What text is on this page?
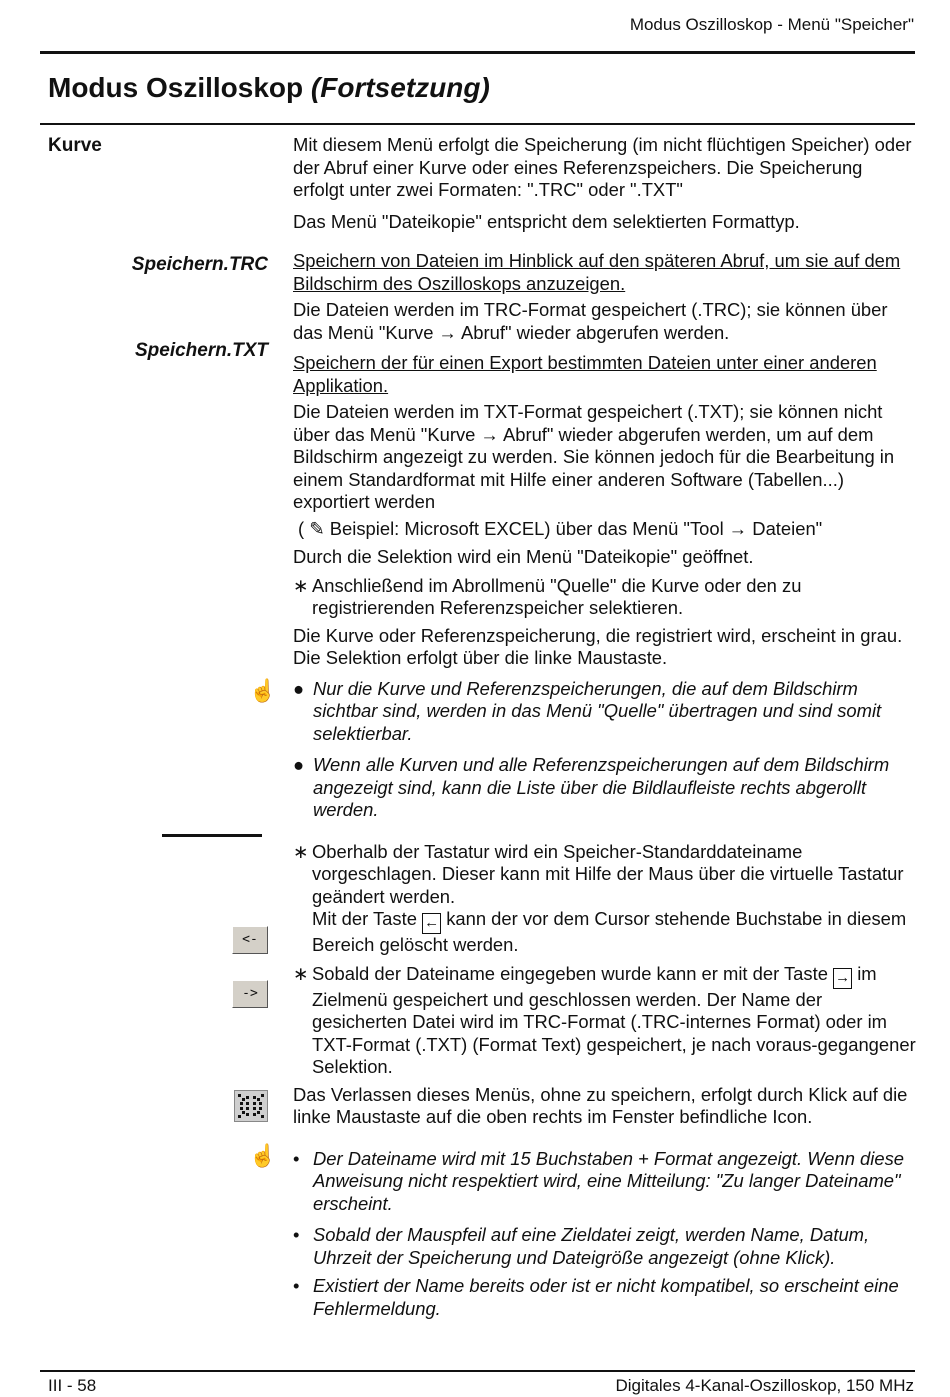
Modus Oszilloskop - Menü "Speicher"
Modus Oszilloskop (Fortsetzung)
Kurve
Speichern.TRC
Speichern.TXT
☝
<-
->
☝

Mit diesem Menü erfolgt die Speicherung (im nicht flüchtigen Speicher) oder der Abruf einer Kurve oder eines Referenzspeichers. Die Speicherung erfolgt unter zwei Formaten: ".TRC" oder ".TXT"

Das Menü "Dateikopie" entspricht dem selektierten Formattyp.

Speichern von Dateien im Hinblick auf den späteren Abruf, um sie auf dem Bildschirm des Oszilloskops anzuzeigen.

Die Dateien werden im TRC-Format gespeichert (.TRC); sie können über das Menü "Kurve → Abruf" wieder abgerufen werden.

Speichern der für einen Export bestimmten Dateien unter einer anderen Applikation.

Die Dateien werden im TXT-Format gespeichert (.TXT); sie können nicht über das Menü "Kurve → Abruf" wieder abgerufen werden, um auf dem Bildschirm angezeigt zu werden. Sie können jedoch für die Bearbeitung in einem Standardformat mit Hilfe einer anderen Software (Tabellen...) exportiert werden

( ✎ Beispiel: Microsoft EXCEL) über das Menü "Tool → Dateien"

Durch die Selektion wird ein Menü "Dateikopie" geöffnet.

∗ Anschließend im Abrollmenü "Quelle" die Kurve oder den zu registrierenden Referenzspeicher selektieren.

Die Kurve oder Referenzspeicherung, die registriert wird, erscheint in grau. Die Selektion erfolgt über die linke Maustaste.

● Nur die Kurve und Referenzspeicherungen, die auf dem Bildschirm sichtbar sind, werden in das Menü "Quelle" übertragen und sind somit selektierbar.

● Wenn alle Kurven und alle Referenzspeicherungen auf dem Bildschirm angezeigt sind, kann die Liste über die Bildlaufleiste rechts abgerollt werden.

∗ Oberhalb der Tastatur wird ein Speicher-Standarddateiname vorgeschlagen. Dieser kann mit Hilfe der Maus über die virtuelle Tastatur geändert werden.
Mit der Taste ← kann der vor dem Cursor stehende Buchstabe in diesem Bereich gelöscht werden.

∗ Sobald der Dateiname eingegeben wurde kann er mit der Taste → im Zielmenü gespeichert und geschlossen werden. Der Name der gesicherten Datei wird im TRC-Format (.TRC-internes Format) oder im TXT-Format (.TXT) (Format Text) gespeichert, je nach voraus-gegangener Selektion.

Das Verlassen dieses Menüs, ohne zu speichern, erfolgt durch Klick auf die linke Maustaste auf die oben rechts im Fenster befindliche Icon.

• Der Dateiname wird mit 15 Buchstaben + Format angezeigt. Wenn diese Anweisung nicht respektiert wird, eine Mitteilung: "Zu langer Dateiname" erscheint.

• Sobald der Mauspfeil auf eine Zieldatei zeigt, werden Name, Datum, Uhrzeit der Speicherung und Dateigröße angezeigt (ohne Klick).

• Existiert der Name bereits oder ist er nicht kompatibel, so erscheint eine Fehlermeldung.

III - 58	Digitales 4-Kanal-Oszilloskop, 150 MHz
